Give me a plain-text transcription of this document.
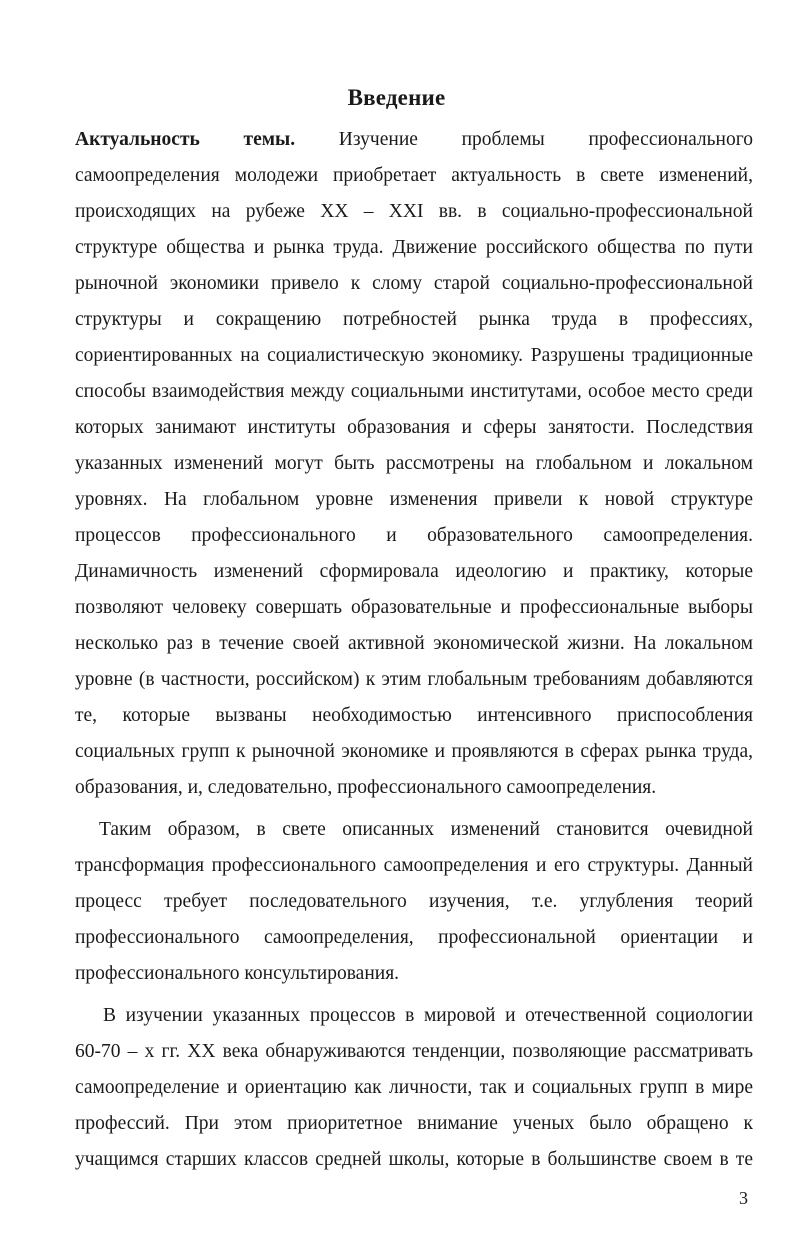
Введение
Актуальность темы. Изучение проблемы профессионального
самоопределения молодежи приобретает актуальность в свете изменений,
происходящих на рубеже XX – XXI вв. в социально-профессиональной
структуре общества и рынка труда. Движение российского общества по пути
рыночной экономики привело к слому старой социально-профессиональной
структуры и сокращению потребностей рынка труда в профессиях,
сориентированных на социалистическую экономику. Разрушены традиционные
способы взаимодействия между социальными институтами, особое место среди
которых занимают институты образования и сферы занятости. Последствия
указанных изменений могут быть рассмотрены на глобальном и локальном
уровнях. На глобальном уровне изменения привели к новой структуре
процессов профессионального и образовательного самоопределения.
Динамичность изменений сформировала идеологию и практику, которые
позволяют человеку совершать образовательные и профессиональные выборы
несколько раз в течение своей активной экономической жизни. На локальном
уровне (в частности, российском) к этим глобальным требованиям добавляются
те, которые вызваны необходимостью интенсивного приспособления
социальных групп к рыночной экономике и проявляются в сферах рынка труда,
образования, и, следовательно, профессионального самоопределения.
Таким образом, в свете описанных изменений становится очевидной
трансформация профессионального самоопределения и его структуры. Данный
процесс требует последовательного изучения, т.е. углубления теорий
профессионального самоопределения, профессиональной ориентации и
профессионального консультирования.
В изучении указанных процессов в мировой и отечественной социологии
60-70 – х гг. XX века обнаруживаются тенденции, позволяющие рассматривать
самоопределение и ориентацию как личности, так и социальных групп в мире
профессий. При этом приоритетное внимание ученых было обращено к
учащимся старших классов средней школы, которые в большинстве своем в те
3
